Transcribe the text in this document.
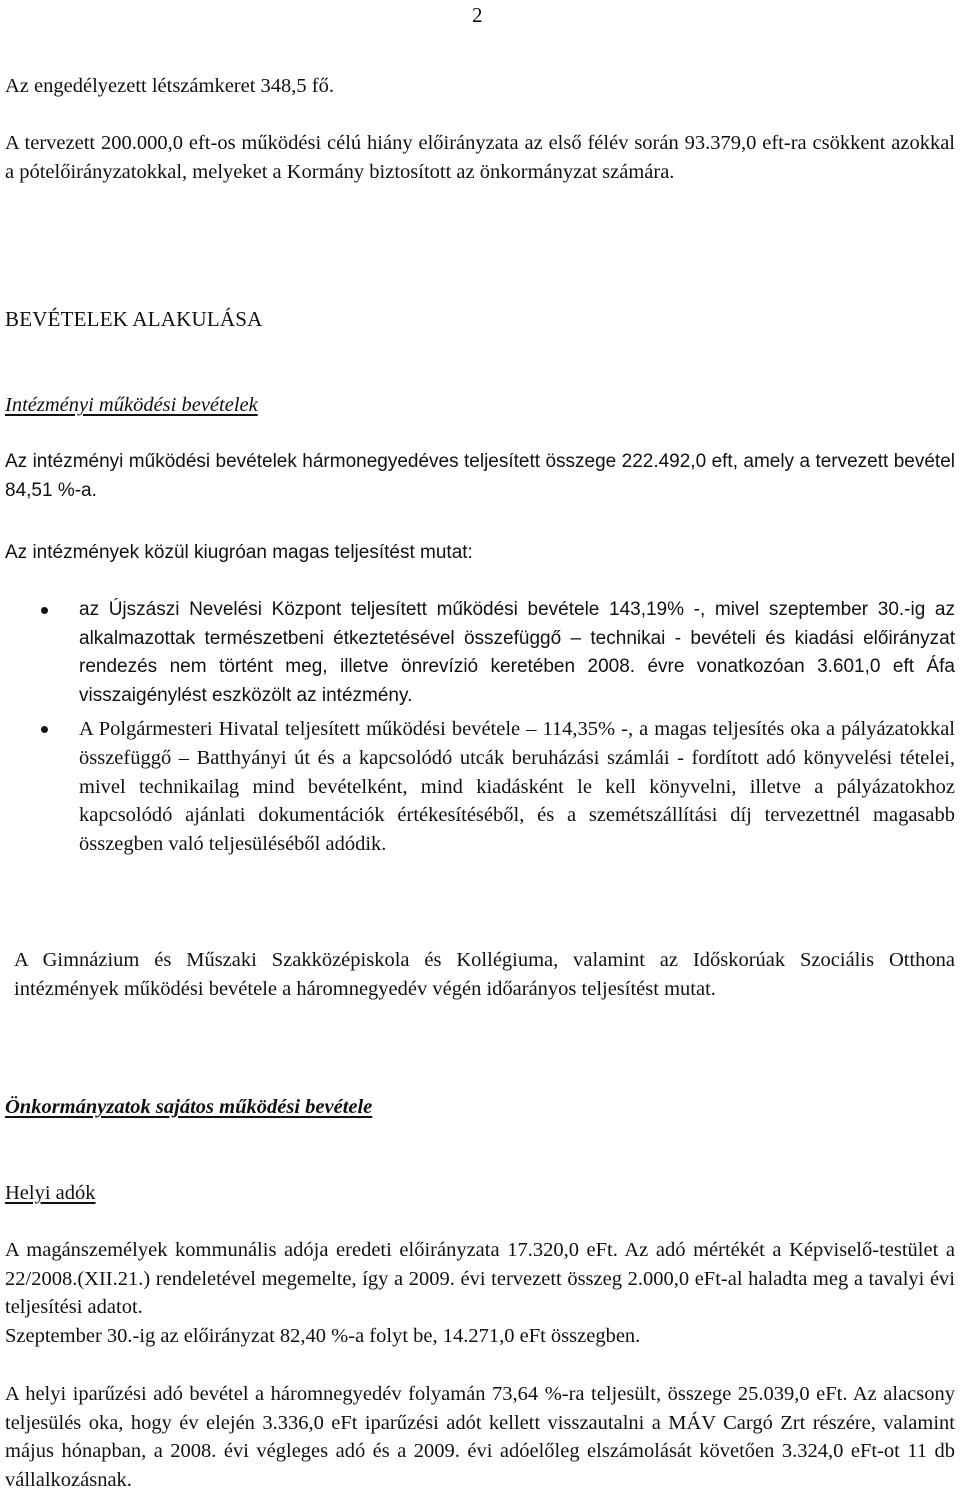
2

Az engedélyezett létszámkeret 348,5 fő.

A tervezett 200.000,0 eft-os működési célú hiány előirányzata az első félév során 93.379,0 eft-ra csökkent azokkal a pótelőirányzatokkal, melyeket a Kormány biztosított az önkormányzat számára.

BEVÉTELEK ALAKULÁSA
Intézményi működési bevételek

Az intézményi működési bevételek hármonegyedéves teljesített összege 222.492,0 eft, amely a tervezett bevétel 84,51 %-a.

Az intézmények közül kiugróan magas teljesítést mutat:

az Újszászi Nevelési Központ teljesített működési bevétele 143,19% -, mivel szeptember 30.-ig az alkalmazottak természetbeni étkeztetésével összefüggő – technikai - bevételi és kiadási előirányzat rendezés nem történt meg, illetve önrevízió keretében 2008. évre vonatkozóan 3.601,0 eft Áfa visszaigénylést eszközölt az intézmény.
A Polgármesteri Hivatal teljesített működési bevétele – 114,35% -, a magas teljesítés oka a pályázatokkal összefüggő – Batthyányi út és a kapcsolódó utcák beruházási számlái - fordított adó könyvelési tételei, mivel technikailag mind bevételként, mind kiadásként le kell könyvelni, illetve a pályázatokhoz kapcsolódó ajánlati dokumentációk értékesítéséből, és a szemétszállítási díj tervezettnél magasabb összegben való teljesüléséből adódik.

A Gimnázium és Műszaki Szakközépiskola és Kollégiuma, valamint az Időskorúak Szociális Otthona intézmények működési bevétele a háromnegyedév végén időarányos teljesítést mutat.

Önkormányzatok sajátos működési bevétele
Helyi adók

A magánszemélyek kommunális adója eredeti előirányzata 17.320,0 eFt. Az adó mértékét a Képviselő-testület a 22/2008.(XII.21.) rendeletével megemelte, így a 2009. évi tervezett összeg 2.000,0 eFt-al haladta meg a tavalyi évi teljesítési adatot.

Szeptember 30.-ig az előirányzat 82,40 %-a folyt be, 14.271,0 eFt összegben.

A helyi iparűzési adó bevétel a háromnegyedév folyamán 73,64 %-ra teljesült, összege 25.039,0 eFt. Az alacsony teljesülés oka, hogy év elején 3.336,0 eFt iparűzési adót kellett visszautalni a MÁV Cargó Zrt részére, valamint május hónapban, a 2008. évi végleges adó és a 2009. évi adóelőleg elszámolását követően 3.324,0 eFt-ot 11 db vállalkozásnak.
